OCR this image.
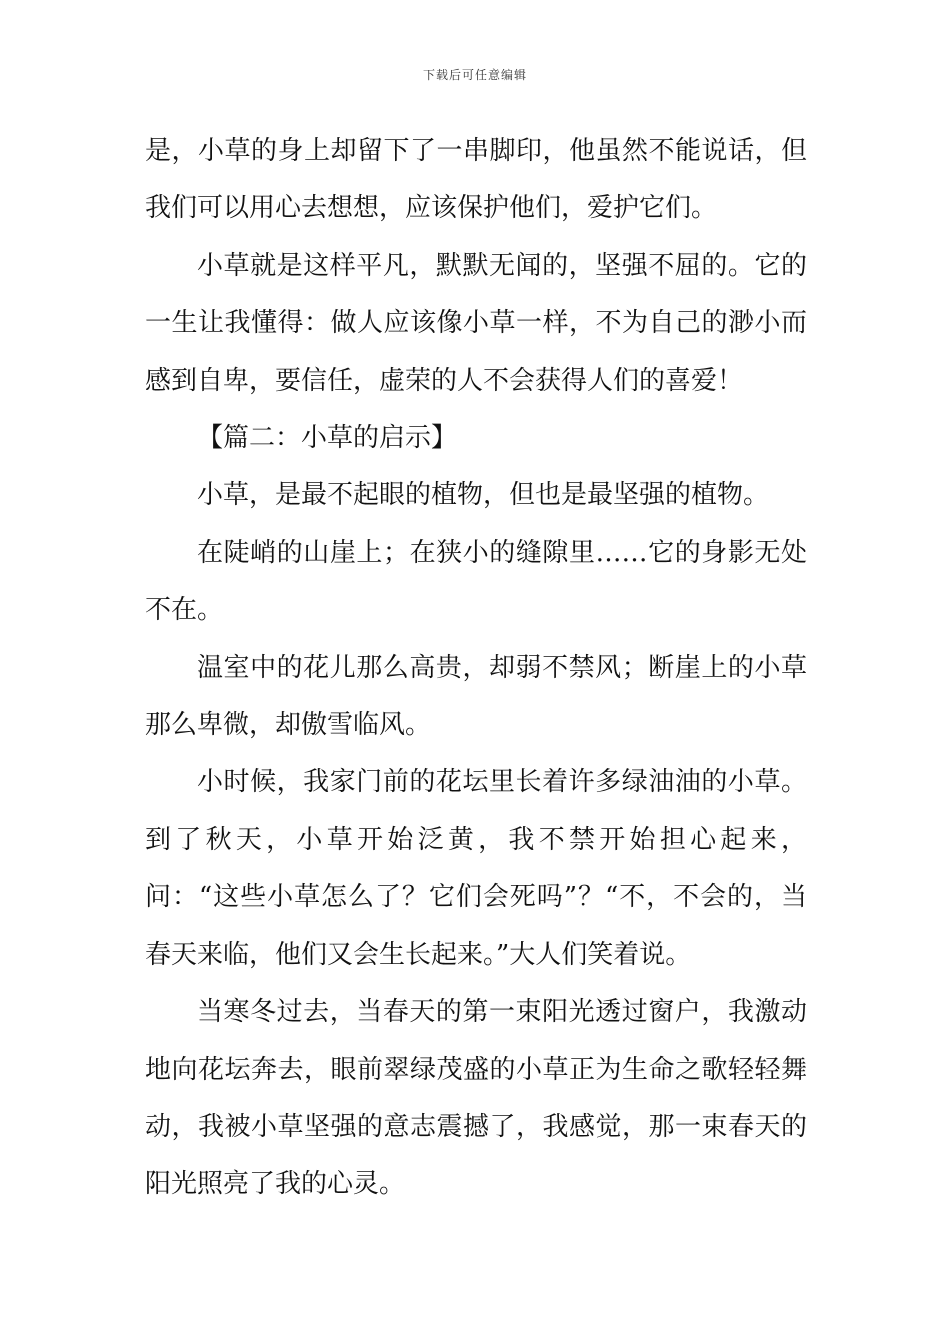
下载后可任意编辑

是，小草的身上却留下了一串脚印，他虽然不能说话，但我们可以用心去想想，应该保护他们，爱护它们。

小草就是这样平凡，默默无闻的，坚强不屈的。它的一生让我懂得：做人应该像小草一样，不为自己的渺小而感到自卑，要信任，虚荣的人不会获得人们的喜爱！

【篇二：小草的启示】

小草，是最不起眼的植物，但也是最坚强的植物。

在陡峭的山崖上；在狭小的缝隙里……它的身影无处不在。

温室中的花儿那么高贵，却弱不禁风；断崖上的小草那么卑微，却傲雪临风。

小时候，我家门前的花坛里长着许多绿油油的小草。到了秋天，小草开始泛黄，我不禁开始担心起来，问：“这些小草怎么了？它们会死吗”？“不，不会的，当春天来临，他们又会生长起来。”大人们笑着说。

当寒冬过去，当春天的第一束阳光透过窗户，我激动地向花坛奔去，眼前翠绿茂盛的小草正为生命之歌轻轻舞动，我被小草坚强的意志震撼了，我感觉，那一束春天的阳光照亮了我的心灵。
